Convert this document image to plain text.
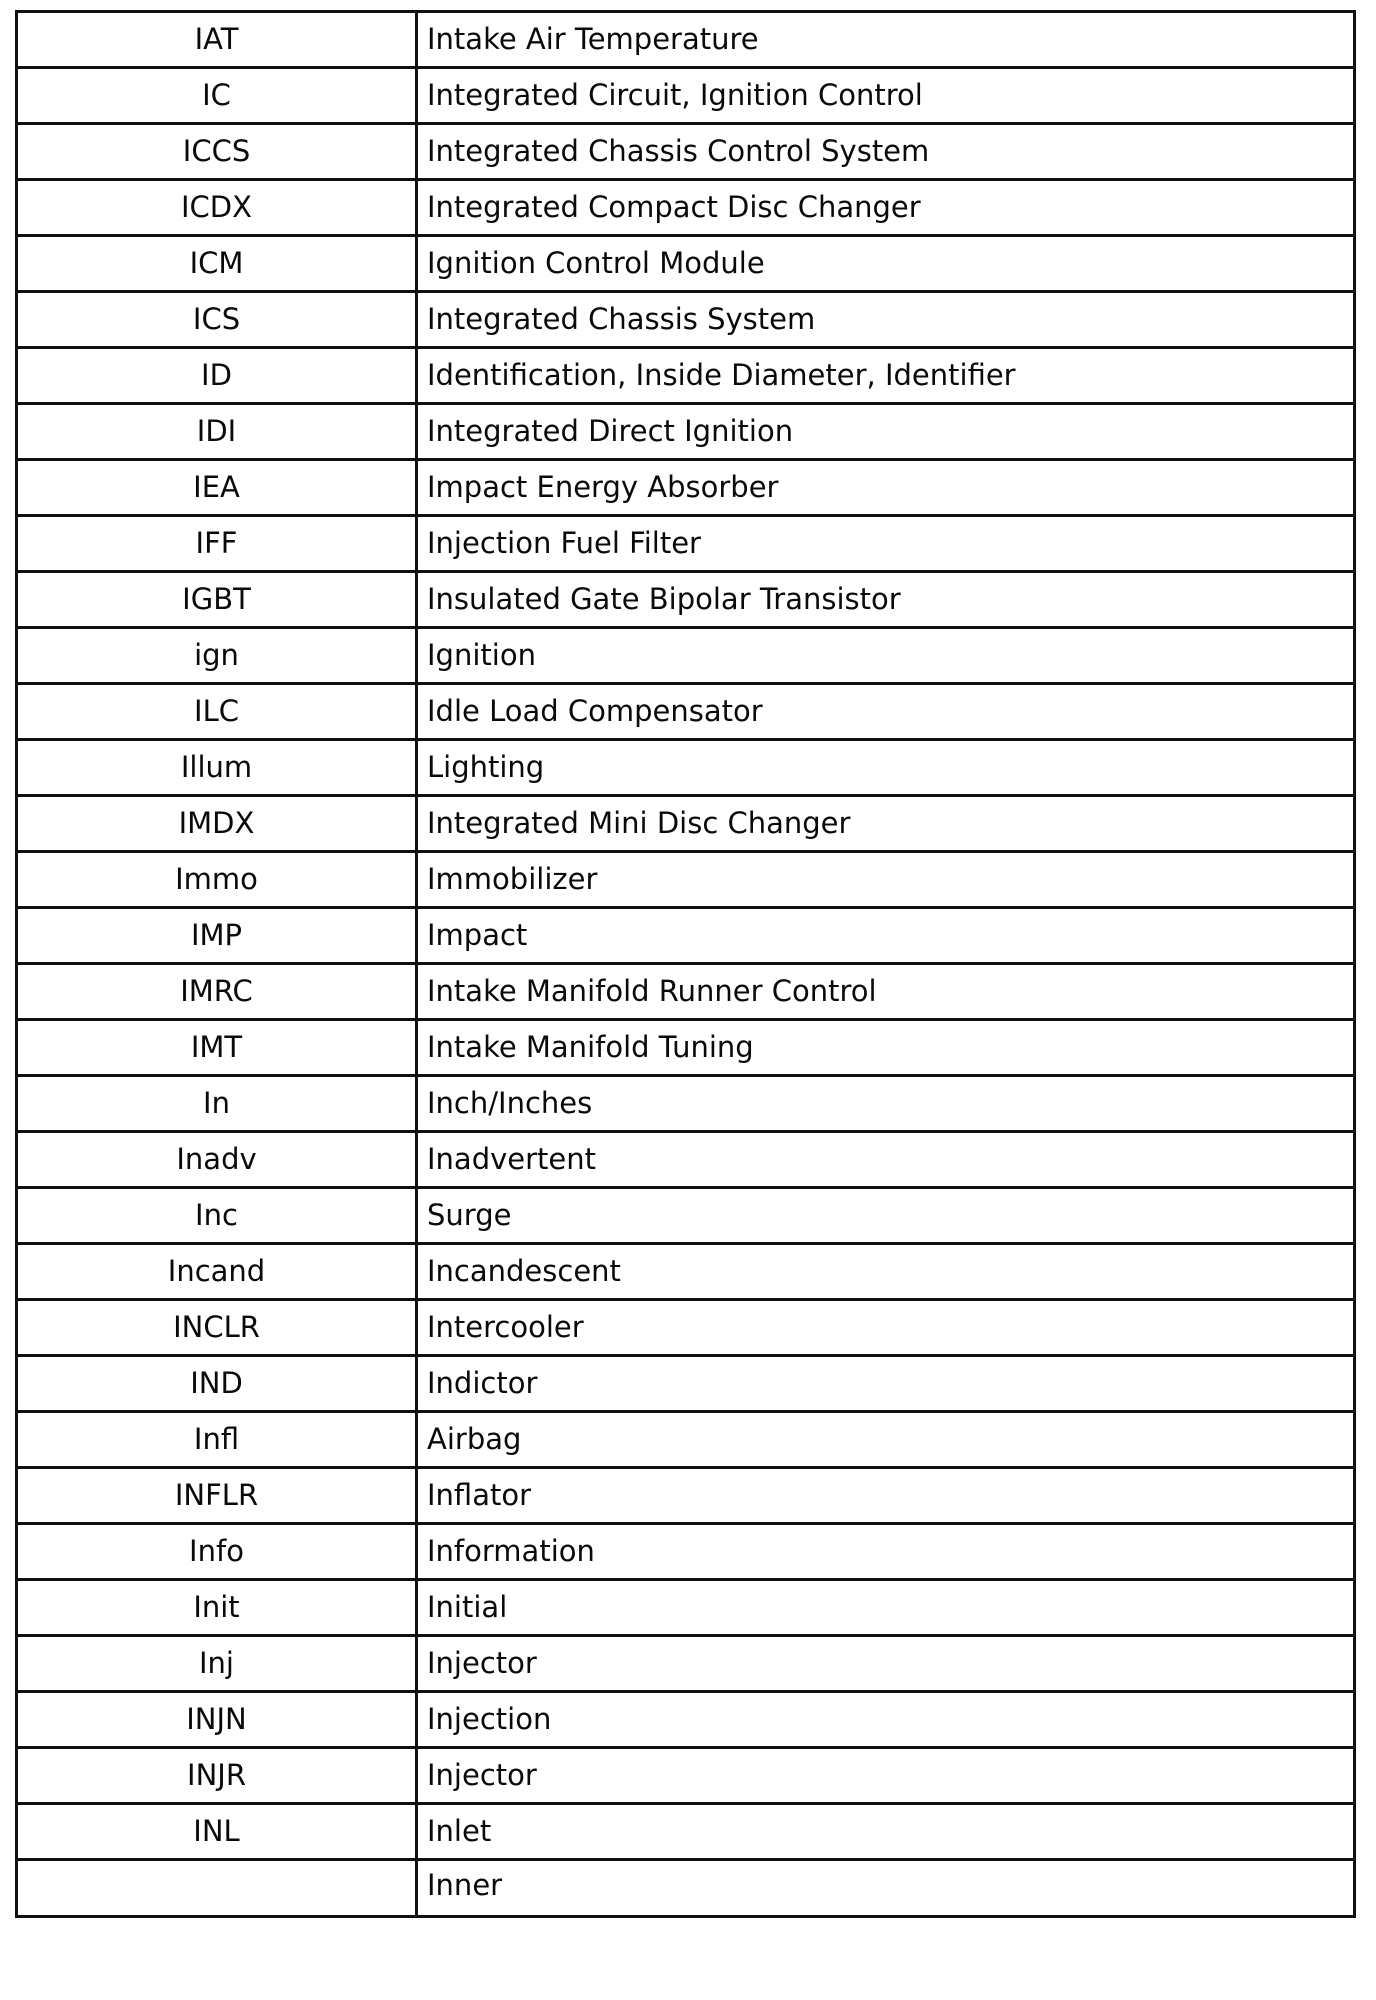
IAT	Intake Air Temperature
IC	Integrated Circuit, Ignition Control
ICCS	Integrated Chassis Control System
ICDX	Integrated Compact Disc Changer
ICM	Ignition Control Module
ICS	Integrated Chassis System
ID	Identification, Inside Diameter, Identifier
IDI	Integrated Direct Ignition
IEA	Impact Energy Absorber
IFF	Injection Fuel Filter
IGBT	Insulated Gate Bipolar Transistor
ign	Ignition
ILC	Idle Load Compensator
Illum	Lighting
IMDX	Integrated Mini Disc Changer
Immo	Immobilizer
IMP	Impact
IMRC	Intake Manifold Runner Control
IMT	Intake Manifold Tuning
In	Inch/Inches
Inadv	Inadvertent
Inc	Surge
Incand	Incandescent
INCLR	Intercooler
IND	Indictor
Infl	Airbag
INFLR	Inflator
Info	Information
Init	Initial
Inj	Injector
INJN	Injection
INJR	Injector
INL	Inlet
	Inner
